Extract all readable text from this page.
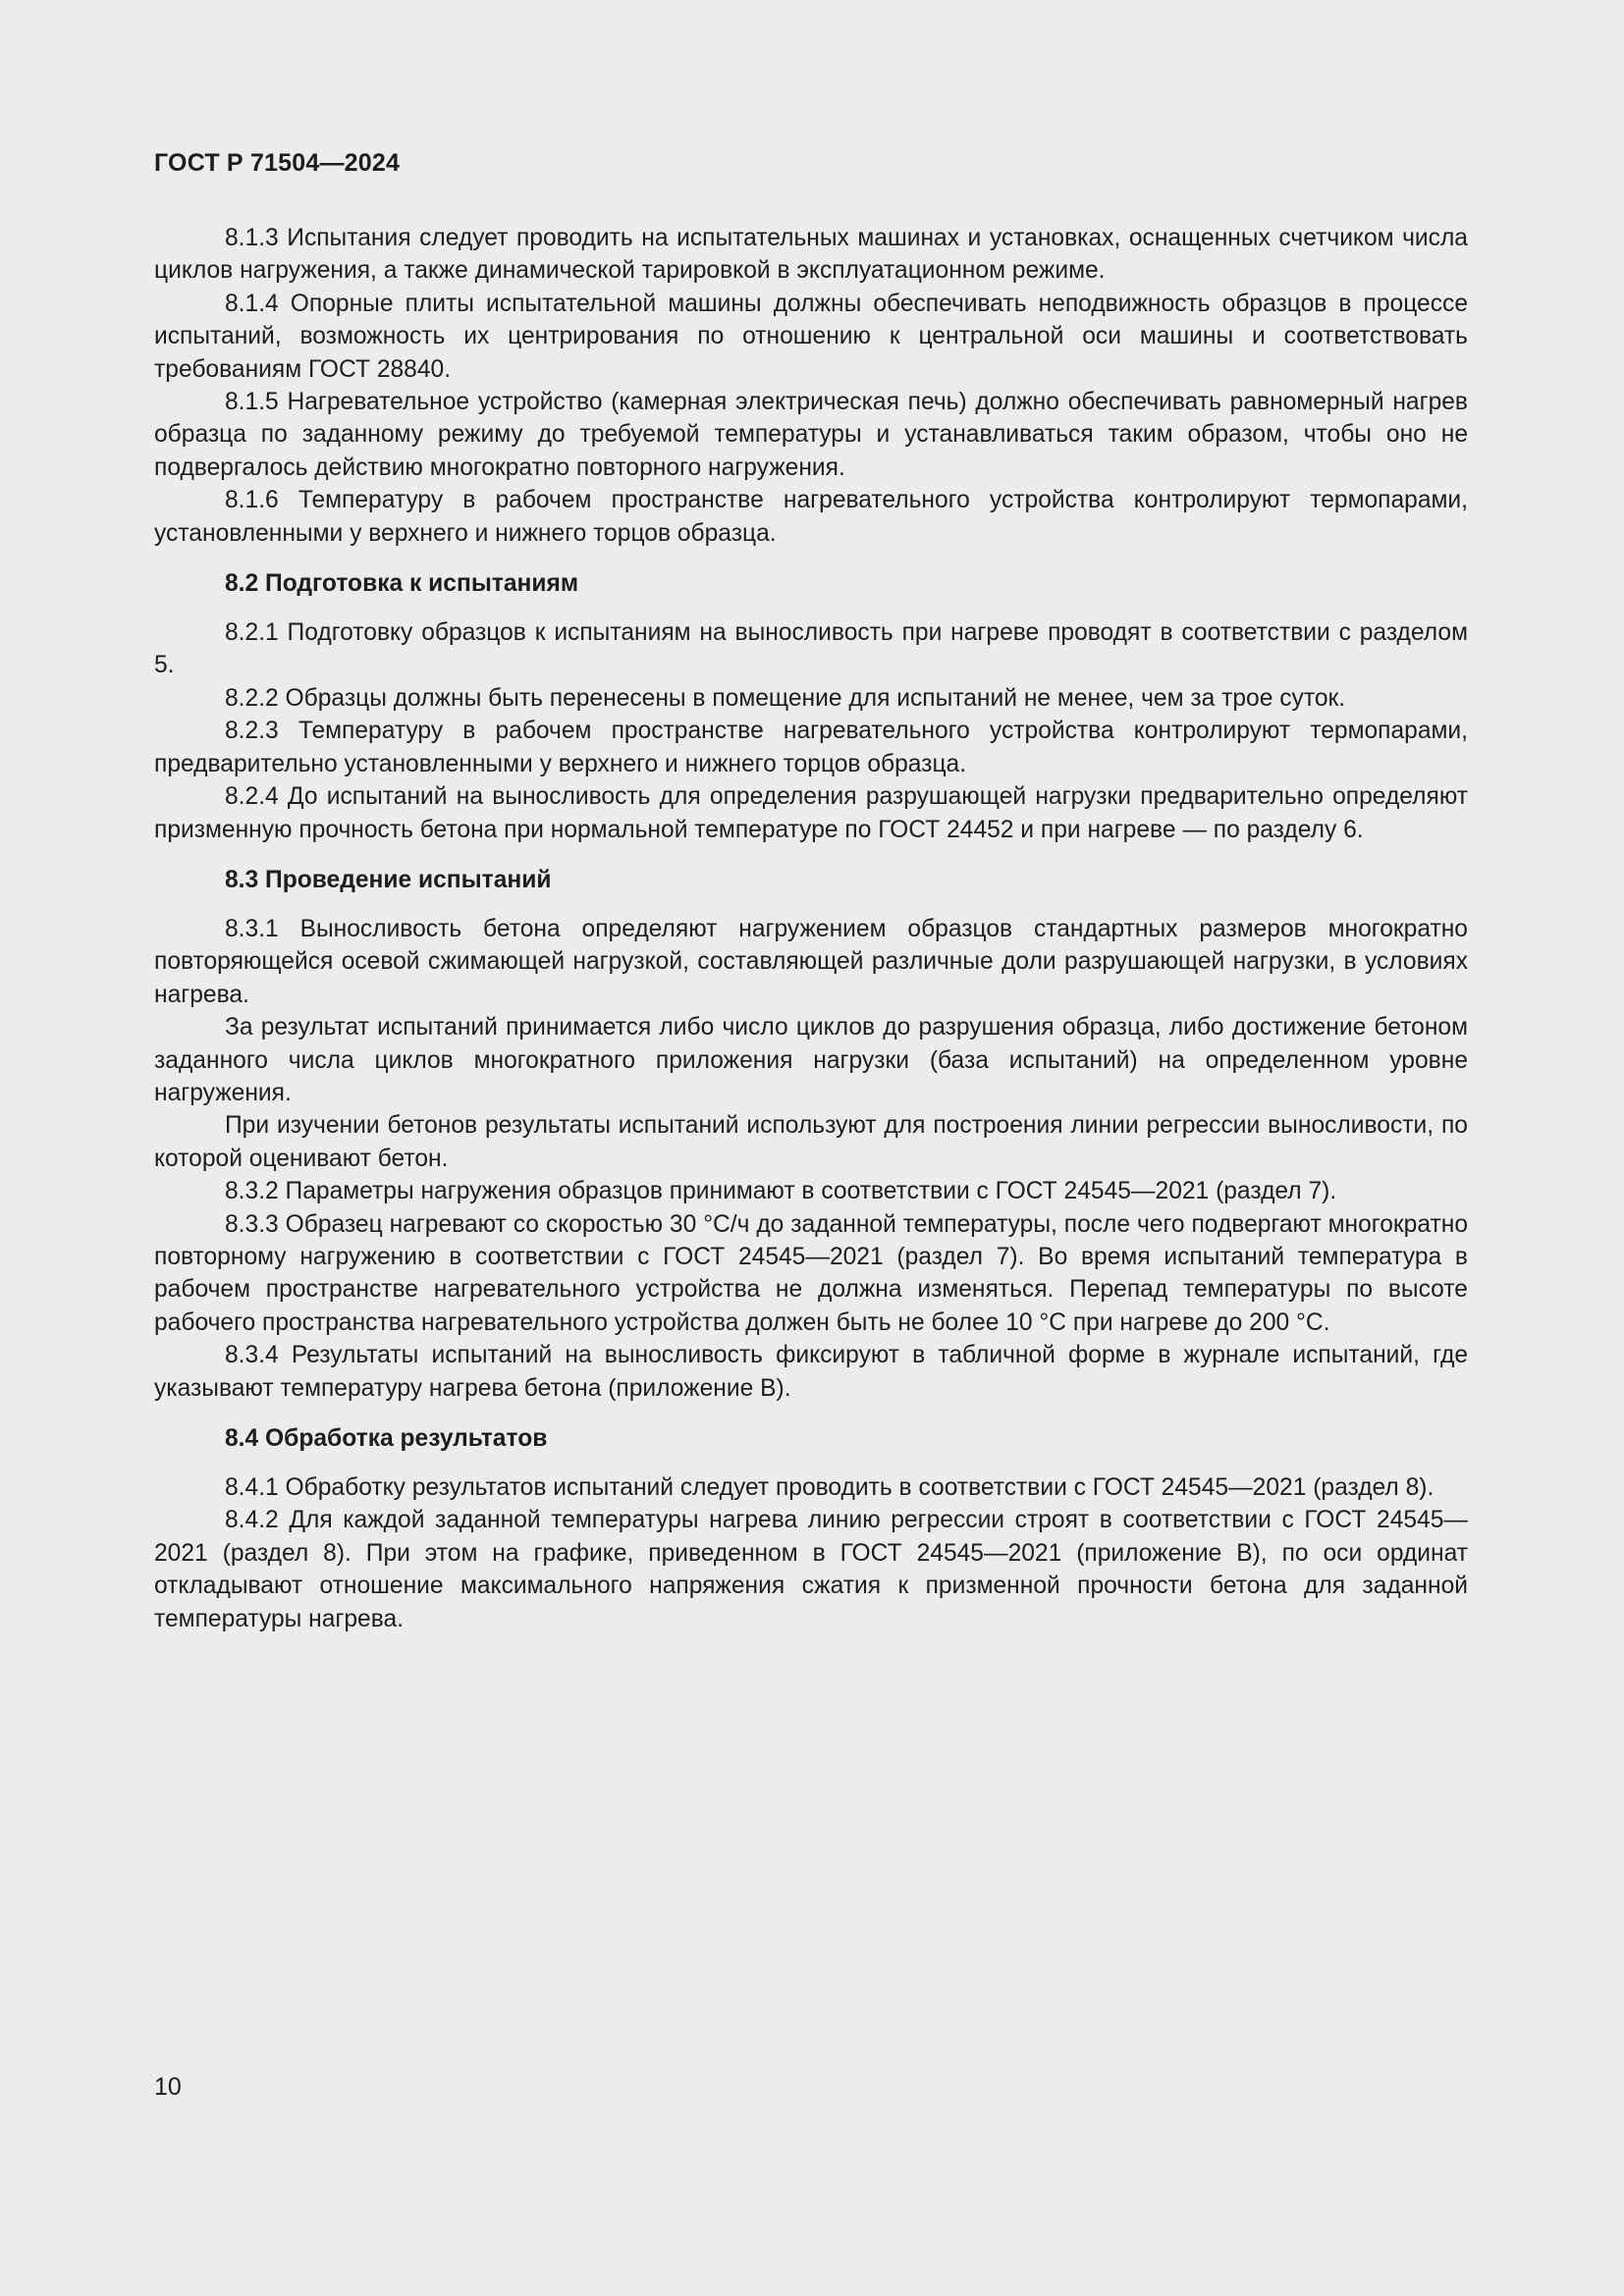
ГОСТ Р 71504—2024

8.1.3 Испытания следует проводить на испытательных машинах и установках, оснащенных счетчиком числа циклов нагружения, а также динамической тарировкой в эксплуатационном режиме.

8.1.4 Опорные плиты испытательной машины должны обеспечивать неподвижность образцов в процессе испытаний, возможность их центрирования по отношению к центральной оси машины и соответствовать требованиям ГОСТ 28840.

8.1.5 Нагревательное устройство (камерная электрическая печь) должно обеспечивать равномерный нагрев образца по заданному режиму до требуемой температуры и устанавливаться таким образом, чтобы оно не подвергалось действию многократно повторного нагружения.

8.1.6 Температуру в рабочем пространстве нагревательного устройства контролируют термопарами, установленными у верхнего и нижнего торцов образца.

8.2 Подготовка к испытаниям

8.2.1 Подготовку образцов к испытаниям на выносливость при нагреве проводят в соответствии с разделом 5.

8.2.2 Образцы должны быть перенесены в помещение для испытаний не менее, чем за трое суток.

8.2.3 Температуру в рабочем пространстве нагревательного устройства контролируют термопарами, предварительно установленными у верхнего и нижнего торцов образца.

8.2.4 До испытаний на выносливость для определения разрушающей нагрузки предварительно определяют призменную прочность бетона при нормальной температуре по ГОСТ 24452 и при нагреве — по разделу 6.

8.3 Проведение испытаний

8.3.1 Выносливость бетона определяют нагружением образцов стандартных размеров многократно повторяющейся осевой сжимающей нагрузкой, составляющей различные доли разрушающей нагрузки, в условиях нагрева.

За результат испытаний принимается либо число циклов до разрушения образца, либо достижение бетоном заданного числа циклов многократного приложения нагрузки (база испытаний) на определенном уровне нагружения.

При изучении бетонов результаты испытаний используют для построения линии регрессии выносливости, по которой оценивают бетон.

8.3.2 Параметры нагружения образцов принимают в соответствии с ГОСТ 24545—2021 (раздел 7).

8.3.3 Образец нагревают со скоростью 30 °С/ч до заданной температуры, после чего подвергают многократно повторному нагружению в соответствии с ГОСТ 24545—2021 (раздел 7). Во время испытаний температура в рабочем пространстве нагревательного устройства не должна изменяться. Перепад температуры по высоте рабочего пространства нагревательного устройства должен быть не более 10 °С при нагреве до 200 °С.

8.3.4 Результаты испытаний на выносливость фиксируют в табличной форме в журнале испытаний, где указывают температуру нагрева бетона (приложение В).

8.4 Обработка результатов

8.4.1 Обработку результатов испытаний следует проводить в соответствии с ГОСТ 24545—2021 (раздел 8).

8.4.2 Для каждой заданной температуры нагрева линию регрессии строят в соответствии с ГОСТ 24545—2021 (раздел 8). При этом на графике, приведенном в ГОСТ 24545—2021 (приложение В), по оси ординат откладывают отношение максимального напряжения сжатия к призменной прочности бетона для заданной температуры нагрева.

10
